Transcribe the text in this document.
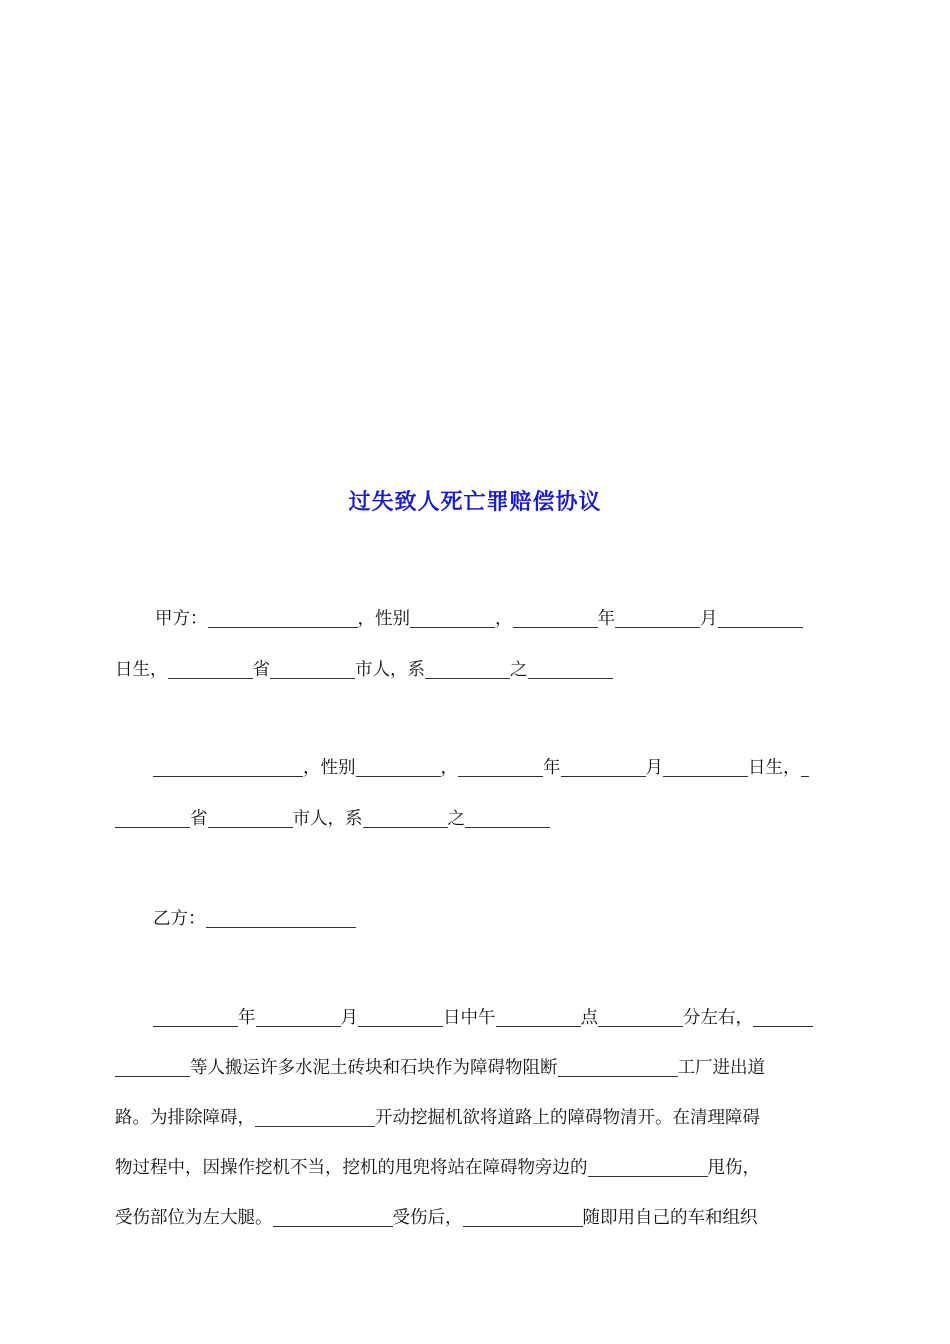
过失致人死亡罪赔偿协议
甲方：	，性别	，	年	月
日生，	省	市人，系	之
，性别	，	年	月	日生，
省	市人，系	之
乙方：
年	月	日中午	点	分左右，
等人搬运许多水泥土砖块和石块作为障碍物阻断	工厂进出道
路。为排除障碍，	开动挖掘机欲将道路上的障碍物清开。在清理障碍
物过程中，因操作挖机不当，挖机的甩兜将站在障碍物旁边的	甩伤，
受伤部位为左大腿。	受伤后，	随即用自己的车和组织
